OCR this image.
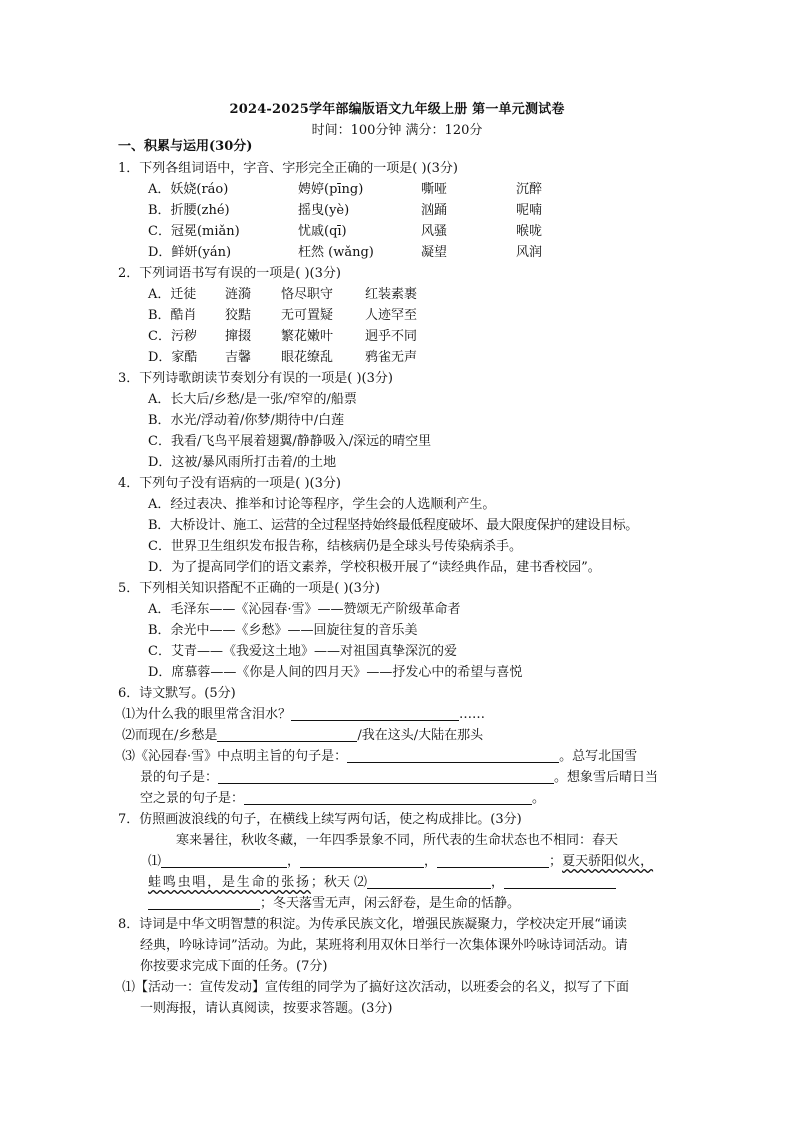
2024-2025学年部编版语文九年级上册 第一单元测试卷
时间：100分钟 满分：120分
一、积累与运用(30分)
1．下列各组词语中，字音、字形完全正确的一项是( )(3分)
A．妖娆(ráo)	娉婷(pīng)	嘶哑	沉醉
B．折腰(zhé)	摇曳(yè)	汹踊	呢喃
C．冠冕(miǎn)	忧戚(qī)	风骚	喉咙
D．鲜妍(yán)	枉然 (wǎng)	凝望	风润
2．下列词语书写有误的一项是( )(3分)
A．迁徒 涟漪 恪尽职守 红装素裹
B．酷肖 狡黠 无可置疑 人迹罕至
C．污秽 撺掇 繁花嫩叶 迥乎不同
D．家酷 吉馨 眼花缭乱 鸦雀无声
3．下列诗歌朗读节奏划分有误的一项是( )(3分)
A．长大后/乡愁/是一张/窄窄的/船票
B．水光/浮动着/你梦/期待中/白莲
C．我看/飞鸟平展着翅翼/静静吸入/深远的晴空里
D．这被/暴风雨所打击着/的土地
4．下列句子没有语病的一项是( )(3分)
A．经过表决、推举和讨论等程序，学生会的人选顺利产生。
B．大桥设计、施工、运营的全过程坚持始终最低程度破坏、最大限度保护的建设目标。
C．世界卫生组织发布报告称，结核病仍是全球头号传染病杀手。
D．为了提高同学们的语文素养，学校积极开展了“读经典作品，建书香校园”。
5．下列相关知识搭配不正确的一项是( )(3分)
A．毛泽东——《沁园春·雪》——赞颂无产阶级革命者
B．余光中——《乡愁》——回旋往复的音乐美
C．艾青——《我爱这土地》——对祖国真挚深沉的爱
D．席慕蓉——《你是人间的四月天》——抒发心中的希望与喜悦
6．诗文默写。(5分)
⑴为什么我的眼里常含泪水？	……
⑵而现在/乡愁是	/我在这头/大陆在那头
⑶《沁园春·雪》中点明主旨的句子是：	。总写北国雪
景的句子是：	。想象雪后晴日当
空之景的句子是：	。
7．仿照画波浪线的句子，在横线上续写两句话，使之构成排比。(3分)
寒来暑往，秋收冬藏，一年四季景象不同，所代表的生命状态也不相同：春天
⑴	，	，	；夏天骄阳似火，
蛙鸣虫唱，是生命的张扬；秋天 ⑵	，
；冬天落雪无声，闲云舒卷，是生命的恬静。
8．诗词是中华文明智慧的积淀。为传承民族文化，增强民族凝聚力，学校决定开展“诵读
经典，吟咏诗词”活动。为此，某班将利用双休日举行一次集体课外吟咏诗词活动。请
你按要求完成下面的任务。(7分)
⑴【活动一：宣传发动】宣传组的同学为了搞好这次活动，以班委会的名义，拟写了下面
一则海报，请认真阅读，按要求答题。(3分)
